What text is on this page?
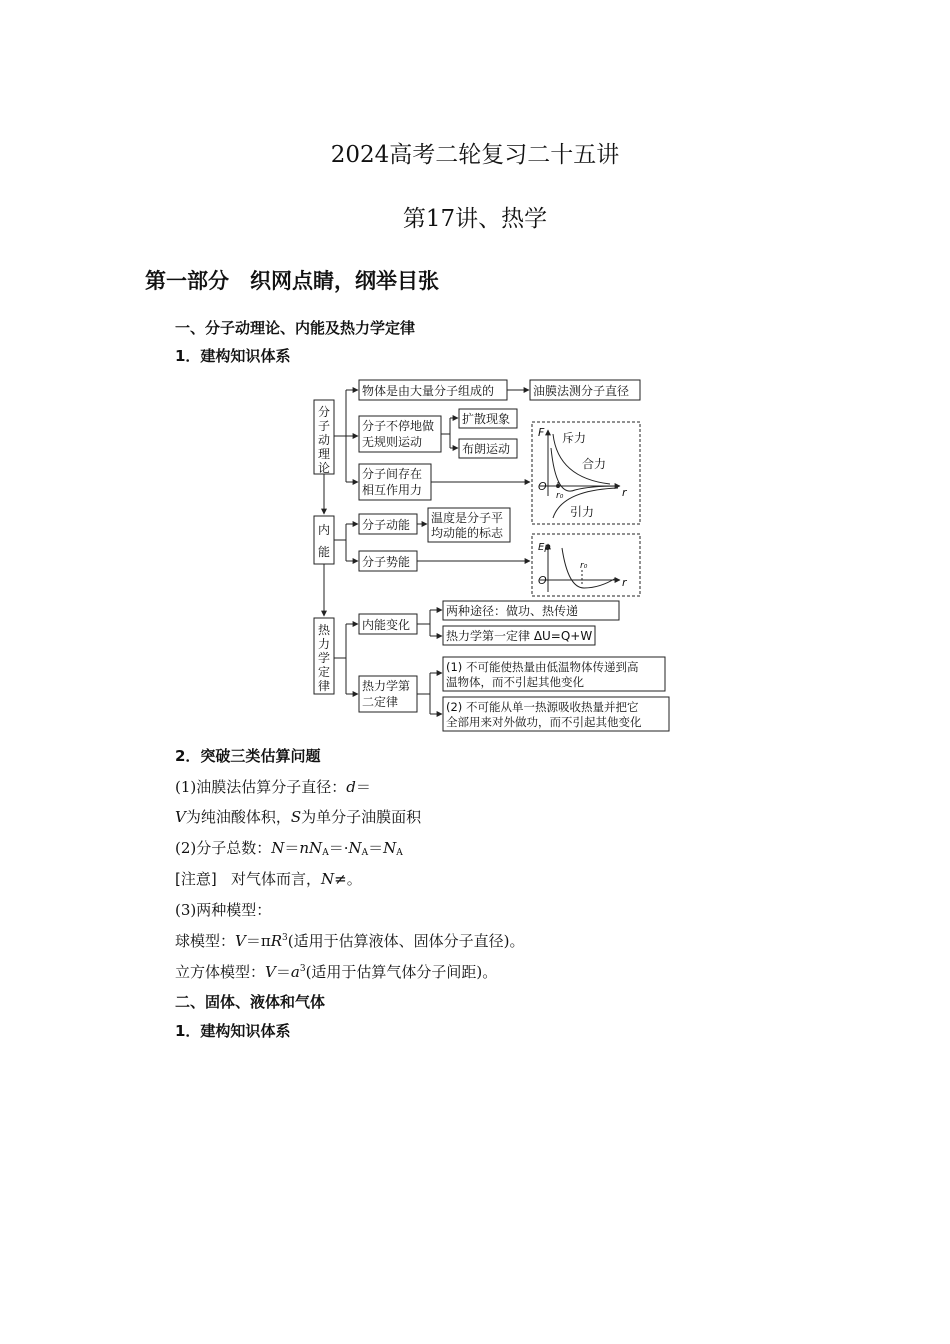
2024高考二轮复习二十五讲
第17讲、热学
第一部分　织网点睛，纲举目张
一、分子动理论、内能及热力学定律
1．建构知识体系
分
子
动
理
论
内
能
热
力
学
定
律
物体是由大量分子组成的	油膜法测分子直径
分子不停地做
无规则运动
扩散现象
布朗运动
分子间存在
相互作用力
分子动能 温度是分子平
均动能的标志
分子势能
内能变化
两种途径：做功、热传递
热力学第一定律 ΔU=Q+W
热力学第
二定律
(1) 不可能使热量由低温物体传递到高
温物体，而不引起其他变化
(2) 不可能从单一热源吸收热量并把它
全部用来对外做功，而不引起其他变化
F
O	r
r₀
斥力
合力
引力
Ep
O	r
r₀
2．突破三类估算问题
(1)油膜法估算分子直径：d＝
V为纯油酸体积，S为单分子油膜面积
(2)分子总数：$N=nN_A=\cdot N_A=N_A$
[注意] 对气体而言，N≠。
(3)两种模型：
球模型：$V=\pi R^3$(适用于估算液体、固体分子直径)。
立方体模型：$V=a^3$(适用于估算气体分子间距)。
二、固体、液体和气体
1．建构知识体系
